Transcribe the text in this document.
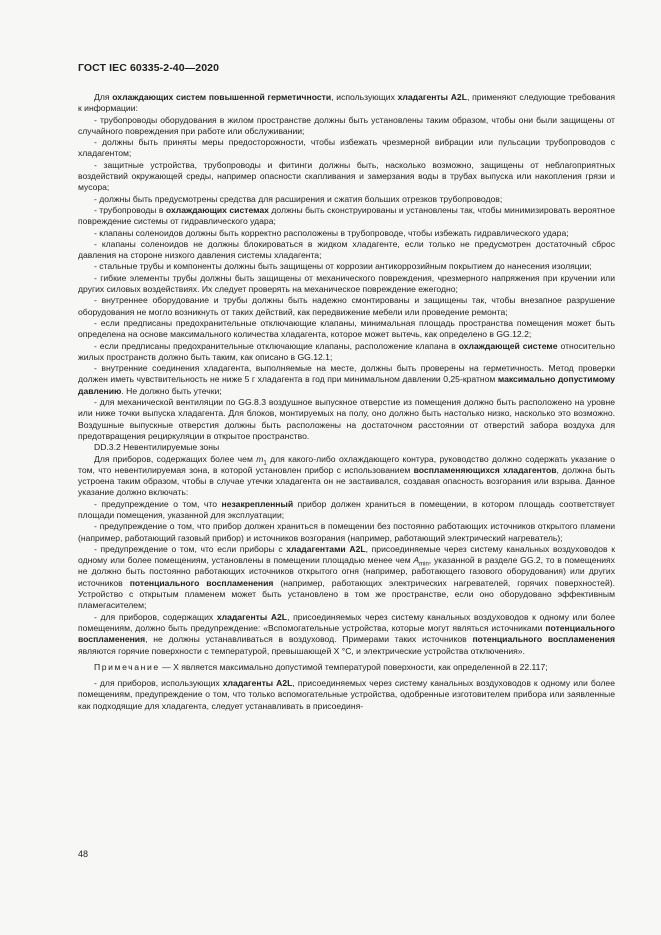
ГОСТ IEC 60335-2-40—2020

Для охлаждающих систем повышенной герметичности, использующих хладагенты A2L, применяют следующие требования к информации:

- трубопроводы оборудования в жилом пространстве должны быть установлены таким образом, чтобы они были защищены от случайного повреждения при работе или обслуживании;

- должны быть приняты меры предосторожности, чтобы избежать чрезмерной вибрации или пульсации трубопроводов с хладагентом;

- защитные устройства, трубопроводы и фитинги должны быть, насколько возможно, защищены от неблагоприятных воздействий окружающей среды, например опасности скапливания и замерзания воды в трубах выпуска или накопления грязи и мусора;

- должны быть предусмотрены средства для расширения и сжатия больших отрезков трубопроводов;

- трубопроводы в охлаждающих системах должны быть сконструированы и установлены так, чтобы минимизировать вероятное повреждение системы от гидравлического удара;

- клапаны соленоидов должны быть корректно расположены в трубопроводе, чтобы избежать гидравлического удара;

- клапаны соленоидов не должны блокироваться в жидком хладагенте, если только не предусмотрен достаточный сброс давления на стороне низкого давления системы хладагента;

- стальные трубы и компоненты должны быть защищены от коррозии антикоррозийным покрытием до нанесения изоляции;

- гибкие элементы трубы должны быть защищены от механического повреждения, чрезмерного напряжения при кручении или других силовых воздействиях. Их следует проверять на механическое повреждение ежегодно;

- внутреннее оборудование и трубы должны быть надежно смонтированы и защищены так, чтобы внезапное разрушение оборудования не могло возникнуть от таких действий, как передвижение мебели или проведение ремонта;

- если предписаны предохранительные отключающие клапаны, минимальная площадь пространства помещения может быть определена на основе максимального количества хладагента, которое может вытечь, как определено в GG.12.2;

- если предписаны предохранительные отключающие клапаны, расположение клапана в охлаждающей системе относительно жилых пространств должно быть таким, как описано в GG.12.1;

- внутренние соединения хладагента, выполняемые на месте, должны быть проверены на герметичность. Метод проверки должен иметь чувствительность не ниже 5 г хладагента в год при минимальном давлении 0,25-кратном максимально допустимому давлению. Не должно быть утечки;

- для механической вентиляции по GG.8.3 воздушное выпускное отверстие из помещения должно быть расположено на уровне или ниже точки выпуска хладагента. Для блоков, монтируемых на полу, оно должно быть настолько низко, насколько это возможно. Воздушные выпускные отверстия должны быть расположены на достаточном расстоянии от отверстий забора воздуха для предотвращения рециркуляции в открытое пространство.

DD.3.2 Невентилируемые зоны

Для приборов, содержащих более чем $m_1$ для какого-либо охлаждающего контура, руководство должно содержать указание о том, что невентилируемая зона, в которой установлен прибор с использованием воспламеняющихся хладагентов, должна быть устроена таким образом, чтобы в случае утечки хладагента он не застаивался, создавая опасность возгорания или взрыва. Данное указание должно включать:

- предупреждение о том, что незакрепленный прибор должен храниться в помещении, в котором площадь соответствует площади помещения, указанной для эксплуатации;

- предупреждение о том, что прибор должен храниться в помещении без постоянно работающих источников открытого пламени (например, работающий газовый прибор) и источников возгорания (например, работающий электрический нагреватель);

- предупреждение о том, что если приборы с хладагентами A2L, присоединяемые через систему канальных воздуховодов к одному или более помещениям, установлены в помещении площадью менее чем $A_{min}$, указанной в разделе GG.2, то в помещениях не должно быть постоянно работающих источников открытого огня (например, работающего газового оборудования) или других источников потенциального воспламенения (например, работающих электрических нагревателей, горячих поверхностей). Устройство с открытым пламенем может быть установлено в том же пространстве, если оно оборудовано эффективным пламегасителем;

- для приборов, содержащих хладагенты A2L, присоединяемых через систему канальных воздуховодов к одному или более помещениям, должно быть предупреждение: «Вспомогательные устройства, которые могут являться источниками потенциального воспламенения, не должны устанавливаться в воздуховод. Примерами таких источников потенциального воспламенения являются горячие поверхности с температурой, превышающей X °C, и электрические устройства отключения».

Примечание — X является максимально допустимой температурой поверхности, как определенной в 22.117;

- для приборов, использующих хладагенты A2L, присоединяемых через систему канальных воздуховодов к одному или более помещениям, предупреждение о том, что только вспомогательные устройства, одобренные изготовителем прибора или заявленные как подходящие для хладагента, следует устанавливать в присоединя-

48
